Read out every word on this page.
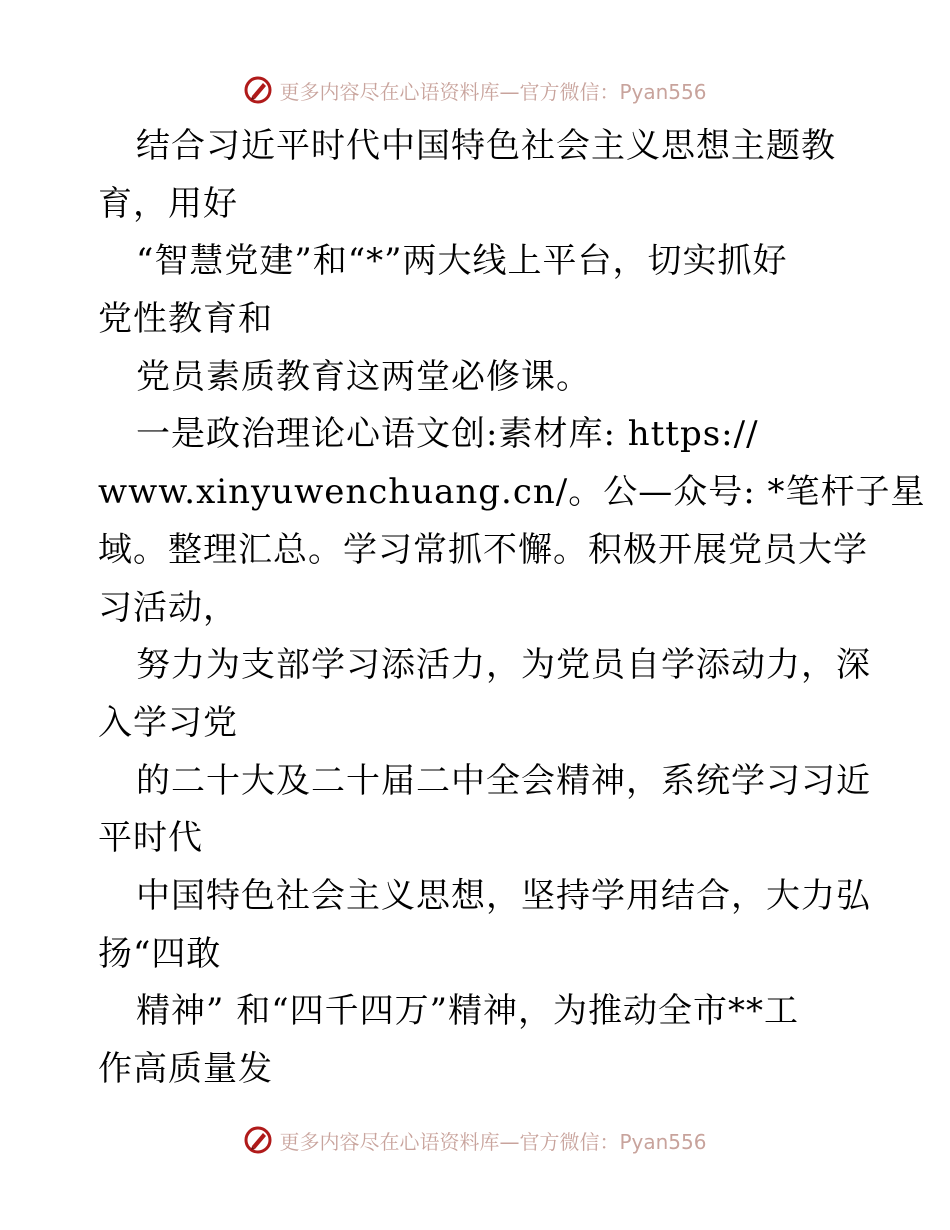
更多内容尽在心语资料库—官方微信：Pyan556
结合习近平时代中国特色社会主义思想主题教
育，用好
“智慧党建”和“*”两大线上平台，切实抓好
党性教育和
党员素质教育这两堂必修课。
一是政治理论心语文创:素材库: https://
www.xinyuwenchuang.cn/。公—众号: *笔杆子星
域。整理汇总。学习常抓不懈。积极开展党员大学
习活动，
努力为支部学习添活力，为党员自学添动力，深
入学习党
的二十大及二十届二中全会精神，系统学习习近
平时代
中国特色社会主义思想，坚持学用结合，大力弘
扬“四敢
精神” 和“四千四万”精神，为推动全市**工
作高质量发
更多内容尽在心语资料库—官方微信：Pyan556
